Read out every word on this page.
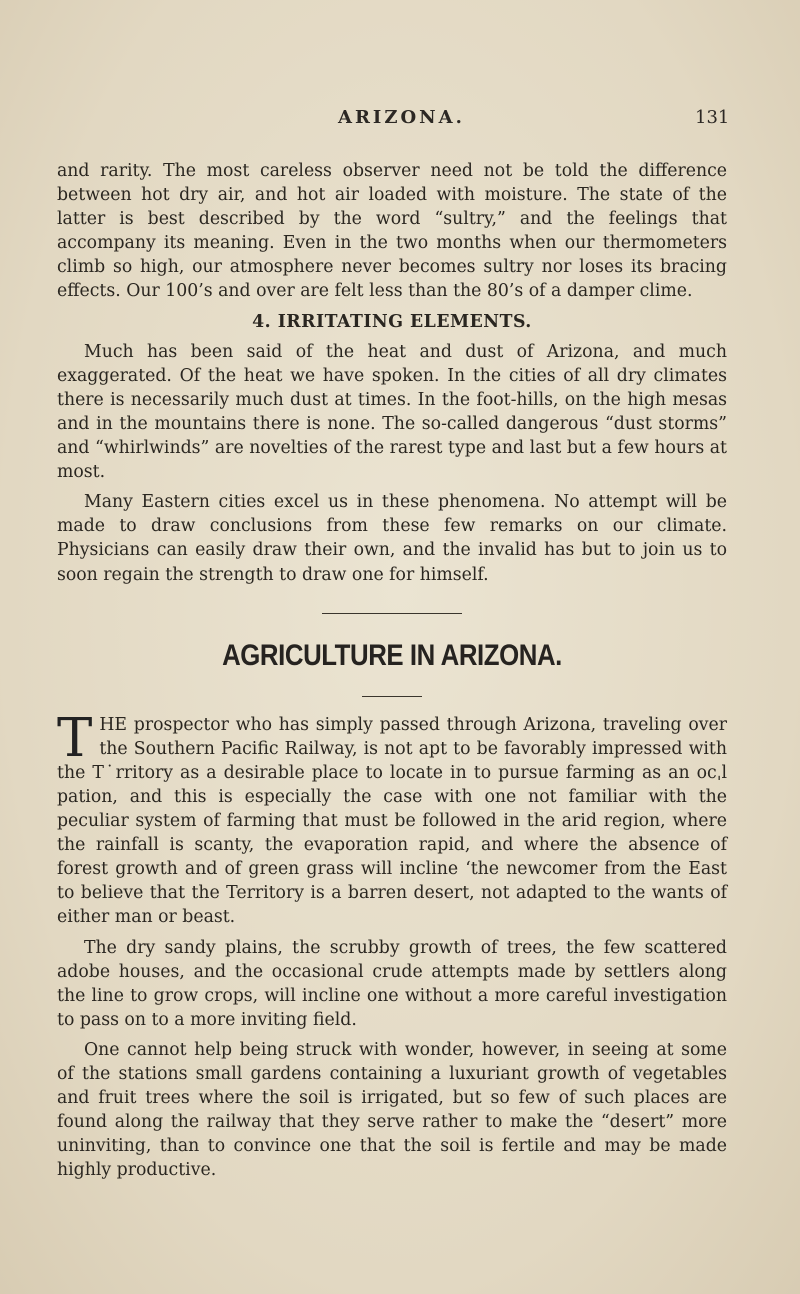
ARIZONA.	131

and rarity. The most careless observer need not be told the difference between hot dry air, and hot air loaded with moisture. The state of the latter is best described by the word “sultry,” and the feelings that accompany its meaning. Even in the two months when our thermometers climb so high, our atmosphere never becomes sultry nor loses its bracing effects. Our 100’s and over are felt less than the 80’s of a damper clime.

4. IRRITATING ELEMENTS.

Much has been said of the heat and dust of Arizona, and much exaggerated. Of the heat we have spoken. In the cities of all dry climates there is necessarily much dust at times. In the foot-hills, on the high mesas and in the mountains there is none. The so-called dangerous “dust storms” and “whirlwinds” are novelties of the rarest type and last but a few hours at most.

Many Eastern cities excel us in these phenomena. No attempt will be made to draw conclusions from these few remarks on our climate. Physicians can easily draw their own, and the invalid has but to join us to soon regain the strength to draw one for himself.

AGRICULTURE IN ARIZONA.

THE prospector who has simply passed through Arizona, traveling over the Southern Pacific Railway, is not apt to be favorably impressed with the T˙rritory as a desirable place to locate in to pursue farming as an ocˌl pation, and this is especially the case with one not familiar with the peculiar system of farming that must be followed in the arid region, where the rainfall is scanty, the evaporation rapid, and where the absence of forest growth and of green grass will incline ʻthe newcomer from the East to believe that the Territory is a barren desert, not adapted to the wants of either man or beast.

The dry sandy plains, the scrubby growth of trees, the few scattered adobe houses, and the occasional crude attempts made by settlers along the line to grow crops, will incline one without a more careful investigation to pass on to a more inviting field.

One cannot help being struck with wonder, however, in seeing at some of the stations small gardens containing a luxuriant growth of vegetables and fruit trees where the soil is irrigated, but so few of such places are found along the railway that they serve rather to make the “desert” more uninviting, than to convince one that the soil is fertile and may be made highly productive.
